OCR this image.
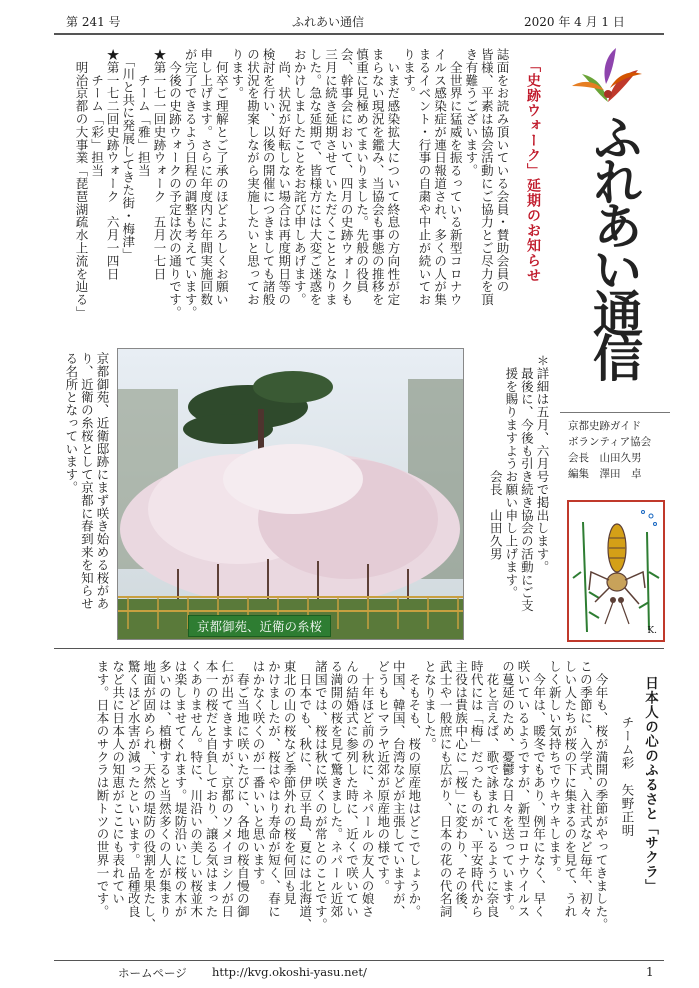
第 241 号	ふれあい通信	2020 年 4 月 1 日
ふれあい通信
京都史跡ガイド
ボランティア協会
会長　山田久男
編集　澤田　卓
K.
「史跡ウォーク」延期のお知らせ
誌面をお読み頂いている会員・賛助会員の
皆様、平素は協会活動にご協力とご尽力を頂
き有難うございます。
　全世界に猛威を振るっている新型コロナウ
イルス感染症が連日報道され、多くの人が集
まるイベント・行事の自粛や中止が続いてお
ります。
　いまだ感染拡大について終息の方向性が定
まらない現況を鑑み、当協会も事態の推移を
慎重に見極めてまいりました。先般の役員
会、幹事会において、四月の史跡ウォークも
三月に続き延期させていただくこととなりま
した。急な延期で、皆様方には大変ご迷惑を
おかけしましたことをお詫び申しあげます。
　尚、状況が好転しない場合は再度期日等の
検討を行い、以後の開催につきましても諸般
の状況を勘案しながら実施したいと思ってお
ります。
　何卒ご理解とご了承のほどよろしくお願い
申し上げます。さらに年度内に年間実施回数
が完了できるよう日程の調整も考えています。
　今後の史跡ウォークの予定は次の通りです。
★第一七一回史跡ウォーク　五月一七日
　　チーム「雅」担当
　「川と共に発展してきた街・梅津」
★第一七二回史跡ウォーク　六月一四日
　　チーム「彩」担当
　明治京都の大事業「琵琶湖疏水上流を辿る」
＊詳細は五月、六月号で掲出します。
　最後に、今後も引き続き協会の活動にご支
　援を賜りますようお願い申し上げます。
　　　　　　　　　会長　山田久男
京都御苑、近衛の糸桜
京都御苑、近衛邸跡にまず咲き始める桜があ
り、近衛の糸桜として京都に春到来を知らせ
る名所となっています。
日本人の心のふるさと「サクラ」
チーム彩　矢野正明
　今年も、桜が満開の季節がやってきました。
この季節に、入学式、入社式など毎年、初々
しい人たちが桜の下に集まるのを見て、うれ
しく新しい気持ちでウキウキします。
　今年は、暖冬でもあり、例年になく、早く
咲いているようですが、新型コロナウイルス
の蔓延のため、憂鬱な日々を送っています。
　花と言えば、歌で詠まれているように奈良
時代には「梅」だったものが、平安時代から
主役は貴族中心に「桜」に変わり、その後、
武士や一般庶にも広がり、日本の花の代名詞
となりました。
　そもそも、桜の原産地はどこでしょうか。
中国、韓国、台湾などが主張していますが、
どうもヒマラヤ近郊が原産地の様です。
　十年ほど前の秋に、ネパールの友人の娘さ
んの結婚式に参列した時に、近くで咲いてい
る満開の桜を見て驚きました。ネパール近郊
諸国では、桜は秋に咲くのが常とのことです。
　日本でも、秋に、伊豆半島、夏には北海道、
東北の山の桜など季節外れの桜を何回も見
かけましたが、桜はやはり寿命が短く、春に
はかなく咲くのが一番いいと思います。
　春ご当地に咲いたびに、各地の桜自慢の御
仁が出てきますが、京都のソメイヨシノが日
本一の桜だと自負しており、譲る気はまった
くありません。特に、川沿いの美しい桜並木
は楽しませてくれます。堤防沿いに桜の木が
多いのは、植樹すると当然多くの人が集まり
地面が固められ、天然の堤防の役割を果たし、
驚くほど水害が減ったといいます。品種改良
など共に日本人の知恵がここにも表れてい
ます。日本のサクラは断トツの世界一です。
ホームページ http://kvg.okoshi-yasu.net/	1
